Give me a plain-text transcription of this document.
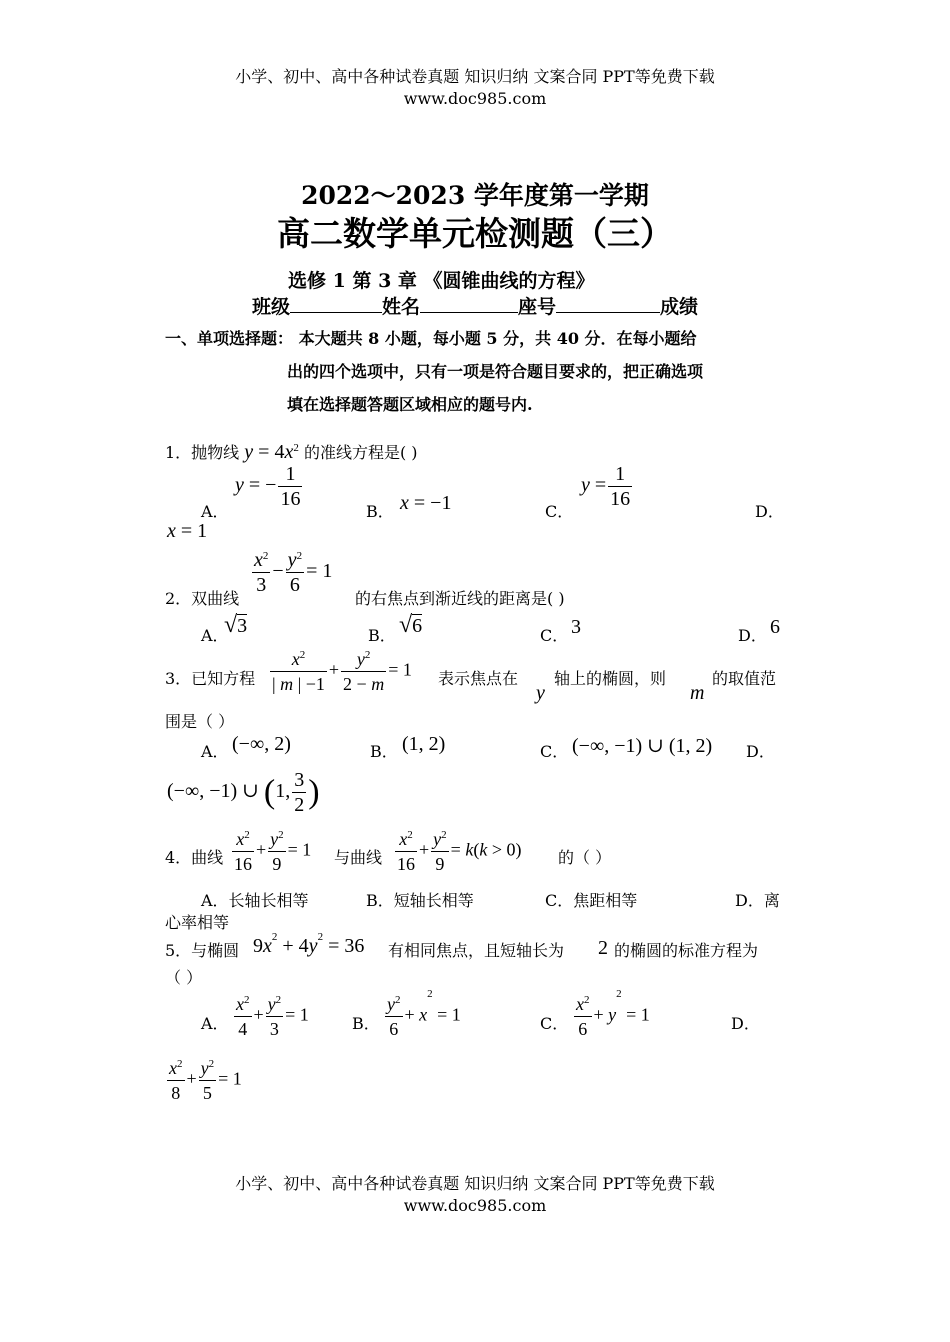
小学、初中、高中各种试卷真题 知识归纳 文案合同 PPT等免费下载
www.doc985.com
2022～2023 学年度第一学期
高二数学单元检测题（三）
选修 1 第 3 章 《圆锥曲线的方程》
班级	姓名	座号	成绩
一、单项选择题： 本大题共 8 小题，每小题 5 分，共 40 分．在每小题给
出的四个选项中，只有一项是符合题目要求的，把正确选项
填在选择题答题区域相应的题号内.
1．抛物线 $y = 4x^2$ 的准线方程是( )
A．
y = − $\frac{1}{16}$
B． x = −1	C．
$y = \frac{1}{16}$
D．
x = 1
2．双曲线
$\frac{x^2}{3} - \frac{y^2}{6} = 1$
的右焦点到渐近线的距离是( )
A．
√3	B． √6	C． 3	D． 6
3．已知方程 $\frac{x^2}{| m | -1} + \frac{y^2}{2 - m} = 1$ 表示焦点在
y
轴上的椭圆，则
m
的取值范
围是（ ）
A． (−∞, 2)	B． (1, 2)	C． (−∞, −1) ∪ (1, 2) D．
(−∞, −1) ∪ (1, $\frac{3}{2}$ )
4．曲线 $\frac{x^2}{16} + \frac{y^2}{9} = 1$ 与曲线 $\frac{x^2}{16} + \frac{y^2}{9} = k(k > 0)$ 的（ ）
A．长轴长相等	B．短轴长相等	C．焦距相等	D．离
心率相等
5．与椭圆 $9x^2 + 4y^2 = 36$ 有相同焦点，且短轴长为 2 的椭圆的标准方程为
（ ）
A． $\frac{x^2}{4} + \frac{y^2}{3} = 1$	B． $\frac{y^2}{6} + x^2 = 1$	C． $\frac{x^2}{6} + y^2 = 1$	D．
$\frac{x^2}{8} + \frac{y^2}{5} = 1$
小学、初中、高中各种试卷真题 知识归纳 文案合同 PPT等免费下载
www.doc985.com
